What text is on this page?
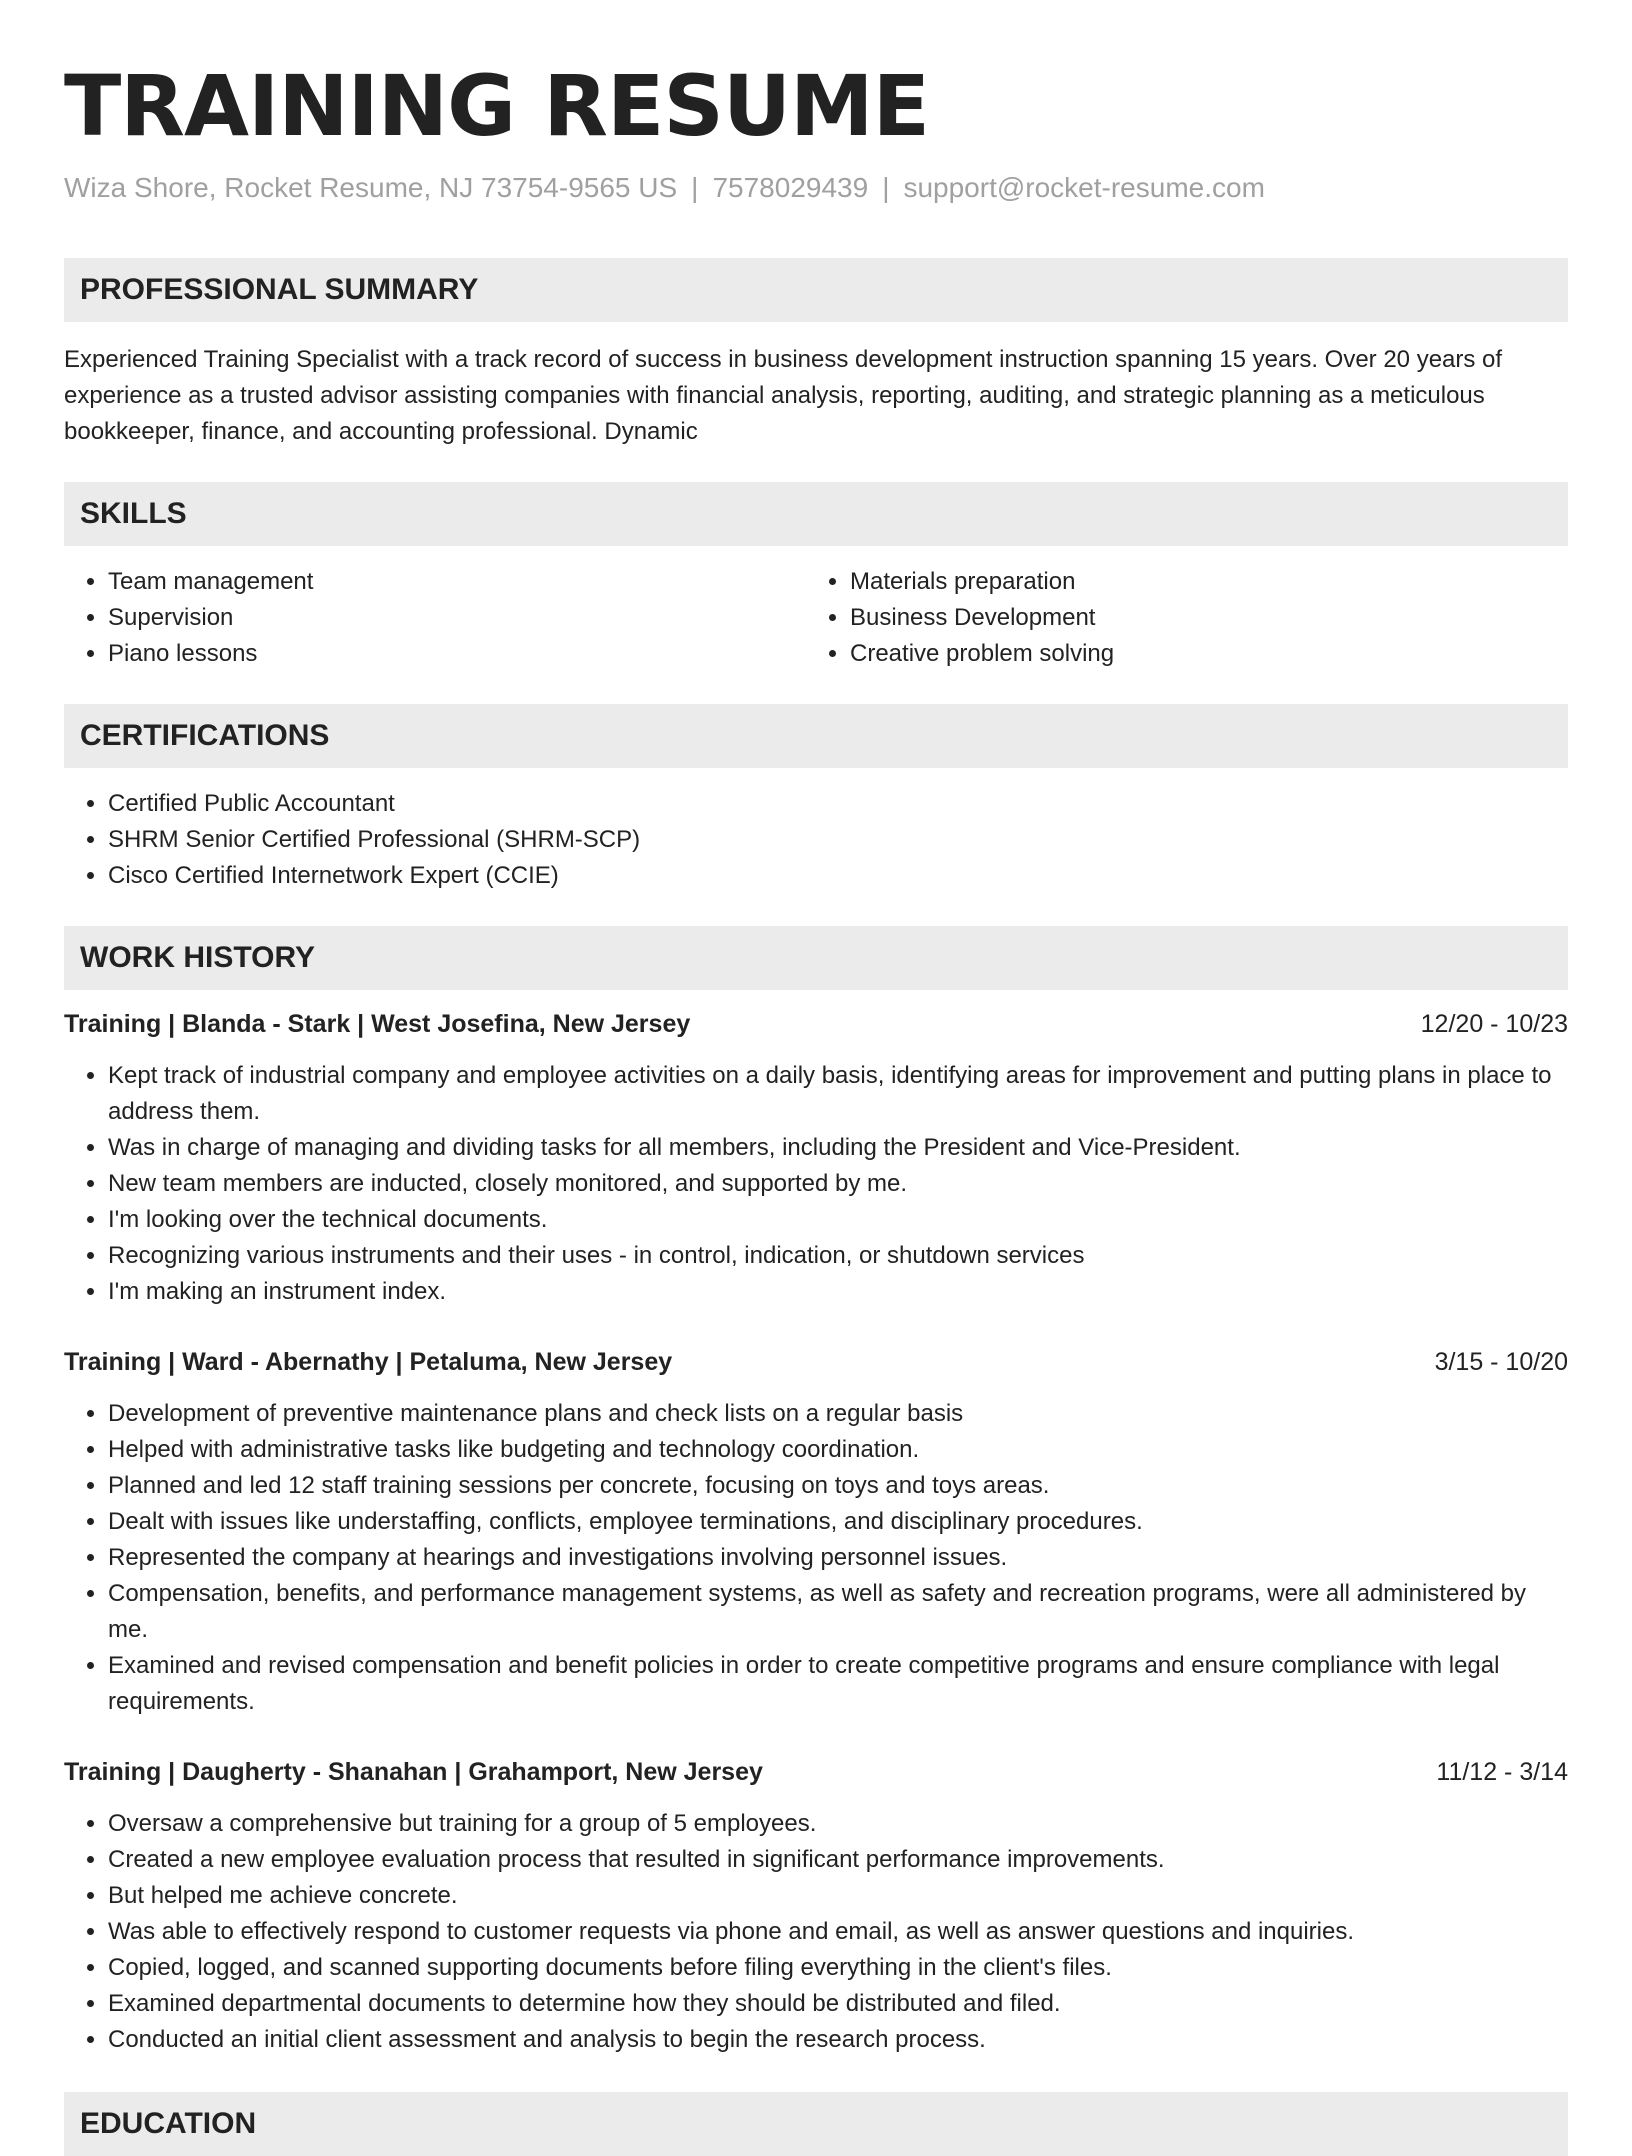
TRAINING RESUME
Wiza Shore, Rocket Resume, NJ 73754-9565 US | 7578029439 | support@rocket-resume.com
PROFESSIONAL SUMMARY

Experienced Training Specialist with a track record of success in business development instruction spanning 15 years. Over 20 years of experience as a trusted advisor assisting companies with financial analysis, reporting, auditing, and strategic planning as a meticulous bookkeeper, finance, and accounting professional. Dynamic

SKILLS
• Team management
• Supervision
• Piano lessons
• Materials preparation
• Business Development
• Creative problem solving
CERTIFICATIONS
• Certified Public Accountant
• SHRM Senior Certified Professional (SHRM-SCP)
• Cisco Certified Internetwork Expert (CCIE)
WORK HISTORY
Training | Blanda - Stark | West Josefina, New Jersey	12/20 - 10/23
• Kept track of industrial company and employee activities on a daily basis, identifying areas for improvement and putting plans in place to address them.
• Was in charge of managing and dividing tasks for all members, including the President and Vice-President.
• New team members are inducted, closely monitored, and supported by me.
• I'm looking over the technical documents.
• Recognizing various instruments and their uses - in control, indication, or shutdown services
• I'm making an instrument index.
Training | Ward - Abernathy | Petaluma, New Jersey	3/15 - 10/20
• Development of preventive maintenance plans and check lists on a regular basis
• Helped with administrative tasks like budgeting and technology coordination.
• Planned and led 12 staff training sessions per concrete, focusing on toys and toys areas.
• Dealt with issues like understaffing, conflicts, employee terminations, and disciplinary procedures.
• Represented the company at hearings and investigations involving personnel issues.
• Compensation, benefits, and performance management systems, as well as safety and recreation programs, were all administered by me.
• Examined and revised compensation and benefit policies in order to create competitive programs and ensure compliance with legal requirements.
Training | Daugherty - Shanahan | Grahamport, New Jersey	11/12 - 3/14
• Oversaw a comprehensive but training for a group of 5 employees.
• Created a new employee evaluation process that resulted in significant performance improvements.
• But helped me achieve concrete.
• Was able to effectively respond to customer requests via phone and email, as well as answer questions and inquiries.
• Copied, logged, and scanned supporting documents before filing everything in the client's files.
• Examined departmental documents to determine how they should be distributed and filed.
• Conducted an initial client assessment and analysis to begin the research process.
EDUCATION
